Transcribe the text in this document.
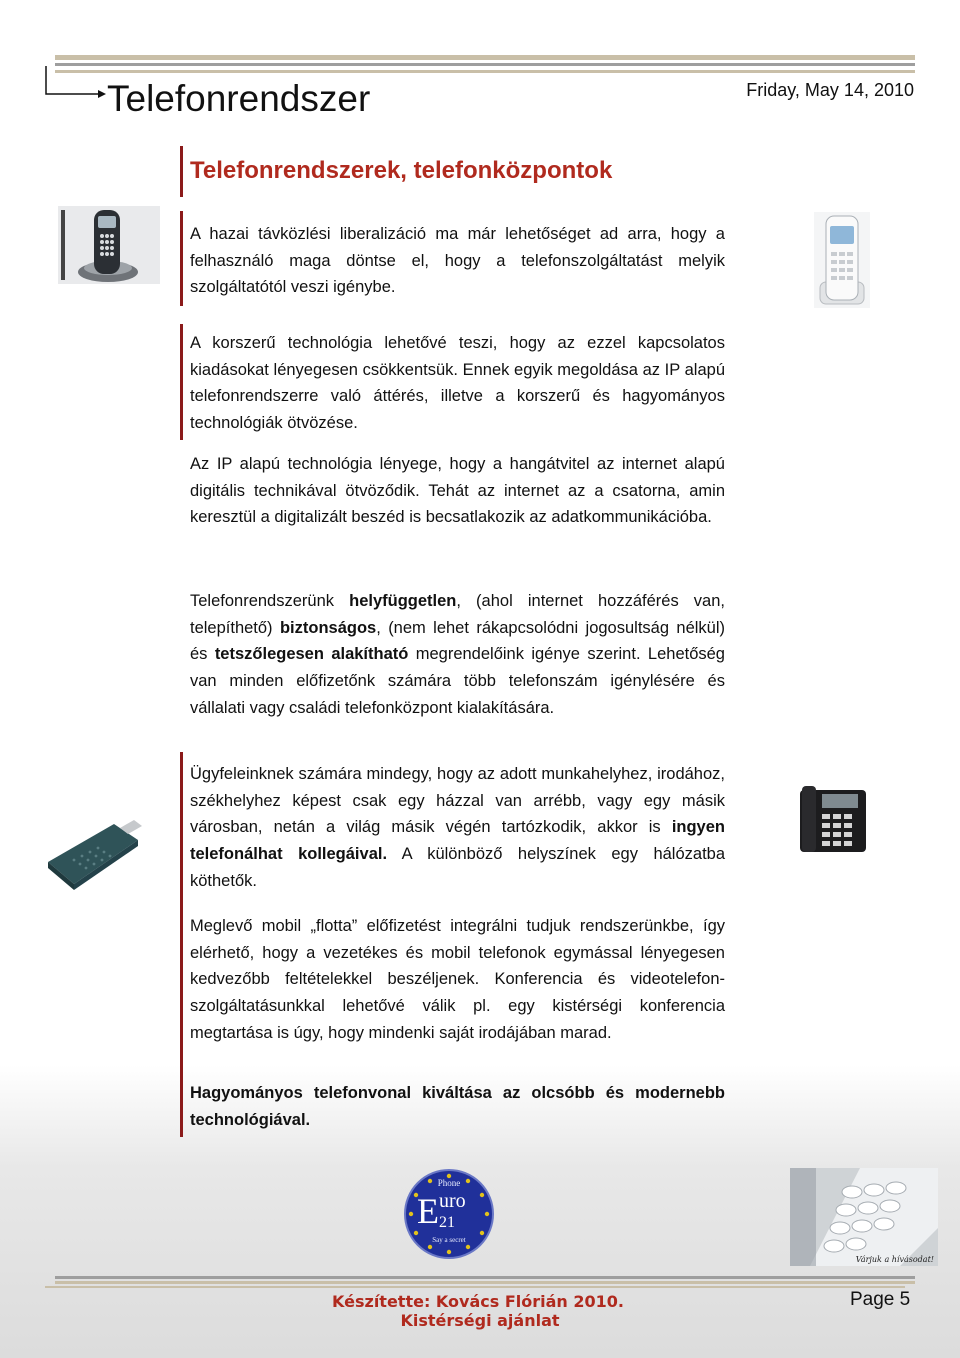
Telefonrendszer	Friday, May 14, 2010
Telefonrendszerek, telefonközpontok

A hazai távközlési liberalizáció ma már lehetőséget ad arra, hogy a felhasználó maga döntse el, hogy a telefonszolgáltatást melyik szolgáltatótól veszi igénybe.

A korszerű technológia lehetővé teszi, hogy az ezzel kapcsolatos kiadásokat lényegesen csökkentsük. Ennek egyik megoldása az IP alapú telefonrendszerre való áttérés, illetve a korszerű és hagyományos technológiák ötvözése.

Az IP alapú technológia lényege, hogy a hangátvitel az internet alapú digitális technikával ötvöződik. Tehát az internet az a csatorna, amin keresztül a digitalizált beszéd is becsatlakozik az adatkommunikációba.

Telefonrendszerünk helyfüggetlen, (ahol internet hozzáférés van, telepíthető) biztonságos, (nem lehet rákapcsolódni jogosultság nélkül) és tetszőlegesen alakítható megrendelőink igénye szerint. Lehetőség van minden előfizetőnk számára több telefonszám igénylésére és vállalati vagy családi telefonközpont kialakítására.

Ügyfeleinknek számára mindegy, hogy az adott munkahelyhez, irodához, székhelyhez képest csak egy házzal van arrébb, vagy egy másik városban, netán a világ másik végén tartózkodik, akkor is ingyen telefonálhat kollegáival. A különböző helyszínek egy hálózatba köthetők.

Meglevő mobil „flotta” előfizetést integrálni tudjuk rendszerünkbe, így elérhető, hogy a vezetékes és mobil telefonok egymással lényegesen kedvezőbb feltételekkel beszéljenek. Konferencia és videotelefon-szolgáltatásunkkal lehetővé válik pl. egy kistérségi konferencia megtartása is úgy, hogy mindenki saját irodájában marad.

Hagyományos telefonvonal kiváltása az olcsóbb és modernebb technológiával.

Phone
Euro
21
Say a secret
Várjuk a hívásodat!
Készítette: Kovács Flórián 2010.
Kistérségi ajánlat
Page 5
